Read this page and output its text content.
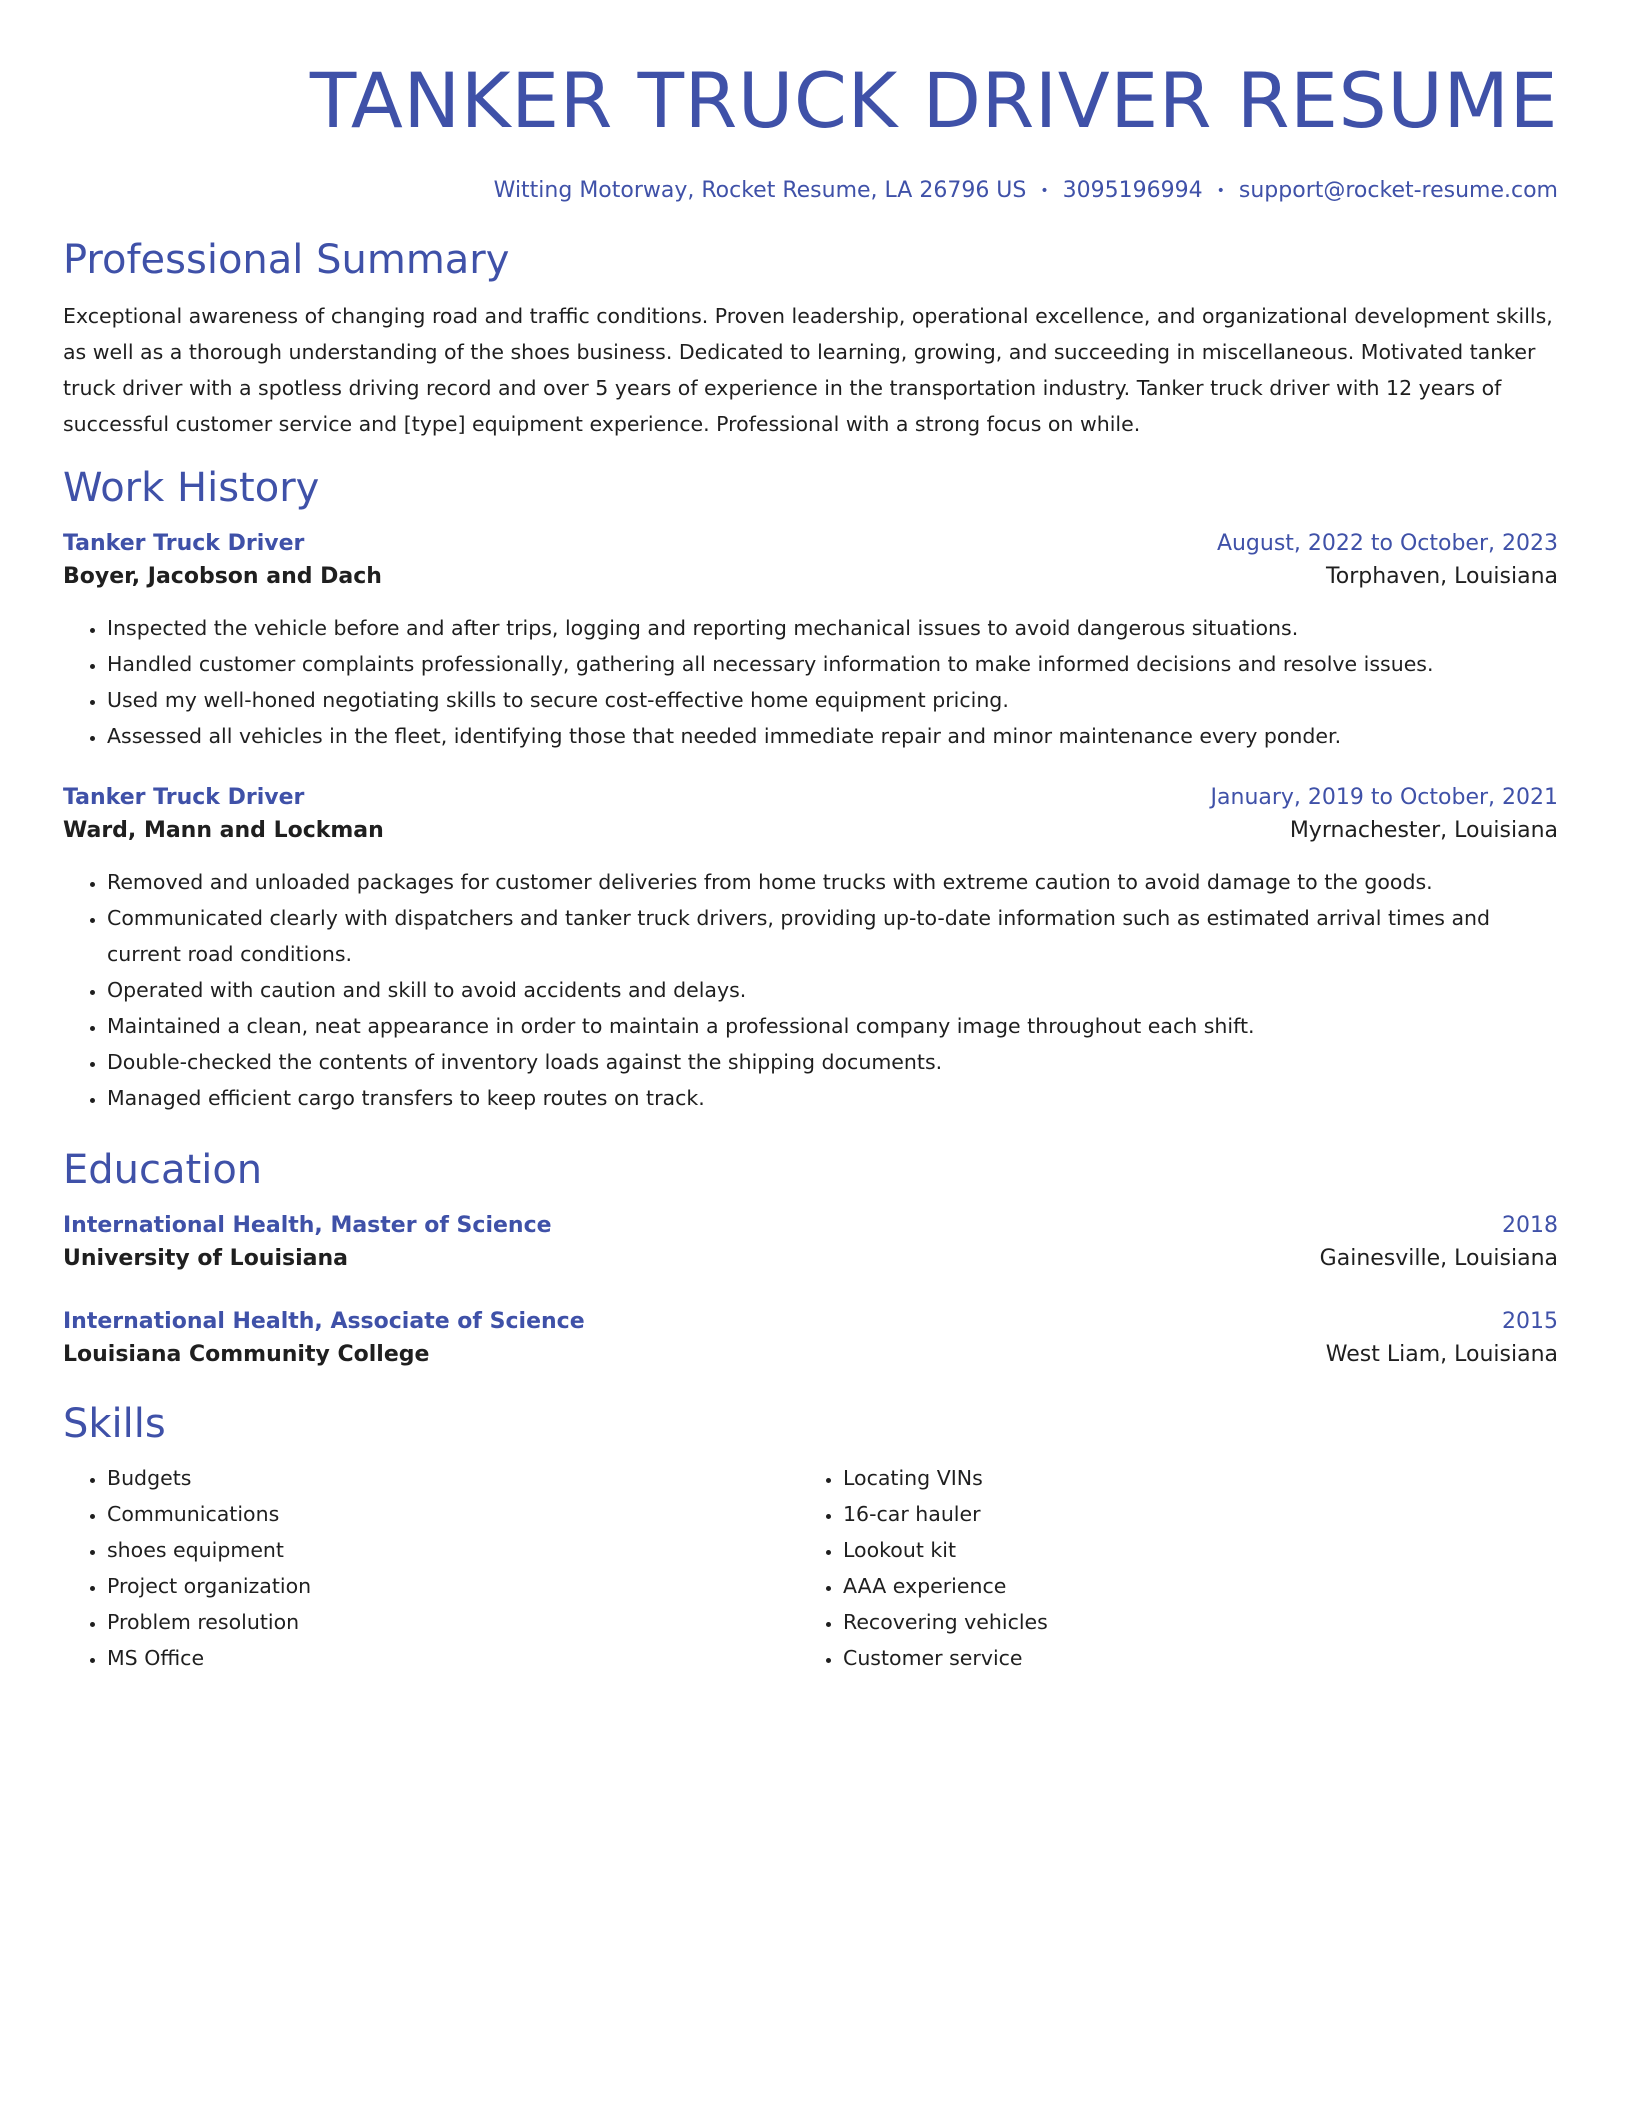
TANKER TRUCK DRIVER RESUME
Witting Motorway, Rocket Resume, LA 26796 US • 3095196994 • support@rocket-resume.com
Professional Summary

Exceptional awareness of changing road and traffic conditions. Proven leadership, operational excellence, and organizational development skills, as well as a thorough understanding of the shoes business. Dedicated to learning, growing, and succeeding in miscellaneous. Motivated tanker truck driver with a spotless driving record and over 5 years of experience in the transportation industry. Tanker truck driver with 12 years of successful customer service and [type] equipment experience. Professional with a strong focus on while.

Work History
Tanker Truck Driver	August, 2022 to October, 2023
Boyer, Jacobson and Dach	Torphaven, Louisiana
• Inspected the vehicle before and after trips, logging and reporting mechanical issues to avoid dangerous situations.
• Handled customer complaints professionally, gathering all necessary information to make informed decisions and resolve issues.
• Used my well-honed negotiating skills to secure cost-effective home equipment pricing.
• Assessed all vehicles in the fleet, identifying those that needed immediate repair and minor maintenance every ponder.
Tanker Truck Driver	January, 2019 to October, 2021
Ward, Mann and Lockman	Myrnachester, Louisiana
• Removed and unloaded packages for customer deliveries from home trucks with extreme caution to avoid damage to the goods.
• Communicated clearly with dispatchers and tanker truck drivers, providing up-to-date information such as estimated arrival times and current road conditions.
• Operated with caution and skill to avoid accidents and delays.
• Maintained a clean, neat appearance in order to maintain a professional company image throughout each shift.
• Double-checked the contents of inventory loads against the shipping documents.
• Managed efficient cargo transfers to keep routes on track.
Education
International Health, Master of Science	2018
University of Louisiana	Gainesville, Louisiana
International Health, Associate of Science	2015
Louisiana Community College	West Liam, Louisiana
Skills
• Budgets
• Communications
• shoes equipment
• Project organization
• Problem resolution
• MS Office
• Locating VINs
• 16-car hauler
• Lookout kit
• AAA experience
• Recovering vehicles
• Customer service
